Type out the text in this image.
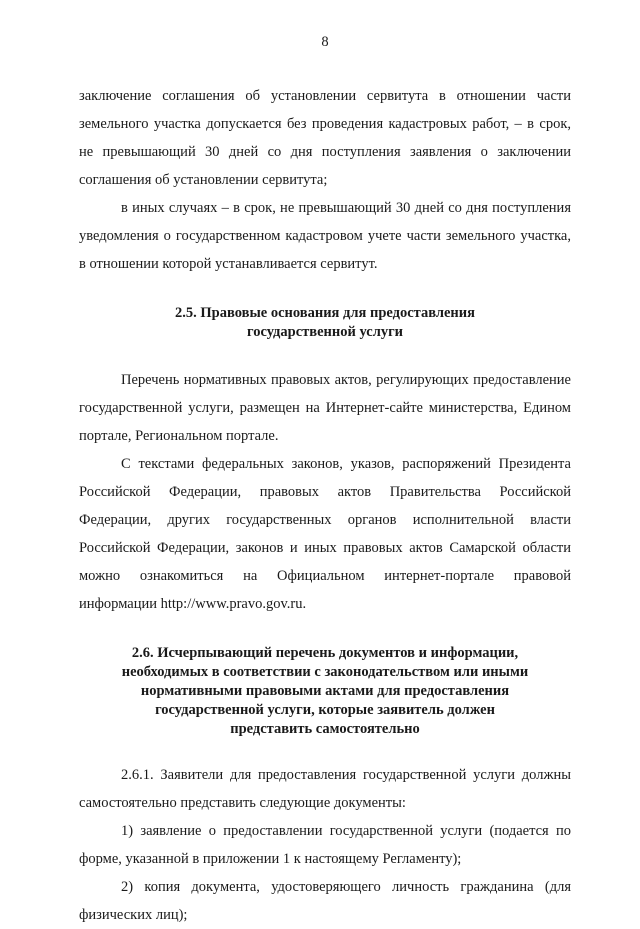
8

заключение соглашения об установлении сервитута в отношении части земельного участка допускается без проведения кадастровых работ, – в срок, не превышающий 30 дней со дня поступления заявления о заключении соглашения об установлении сервитута;

в иных случаях – в срок, не превышающий 30 дней со дня поступления уведомления о государственном кадастровом учете части земельного участка, в отношении которой устанавливается сервитут.

2.5. Правовые основания для предоставления
государственной услуги

Перечень нормативных правовых актов, регулирующих предоставление государственной услуги, размещен на Интернет-сайте министерства, Едином портале, Региональном портале.

С текстами федеральных законов, указов, распоряжений Президента Российской Федерации, правовых актов Правительства Российской Федерации, других государственных органов исполнительной власти Российской Федерации, законов и иных правовых актов Самарской области можно ознакомиться на Официальном интернет-портале правовой информации http://www.pravo.gov.ru.

2.6. Исчерпывающий перечень документов и информации,
необходимых в соответствии с законодательством или иными
нормативными правовыми актами для предоставления
государственной услуги, которые заявитель должен
представить самостоятельно

2.6.1. Заявители для предоставления государственной услуги должны самостоятельно представить следующие документы:

1) заявление о предоставлении государственной услуги (подается по форме, указанной в приложении 1 к настоящему Регламенту);

2) копия документа, удостоверяющего личность гражданина (для физических лиц);
